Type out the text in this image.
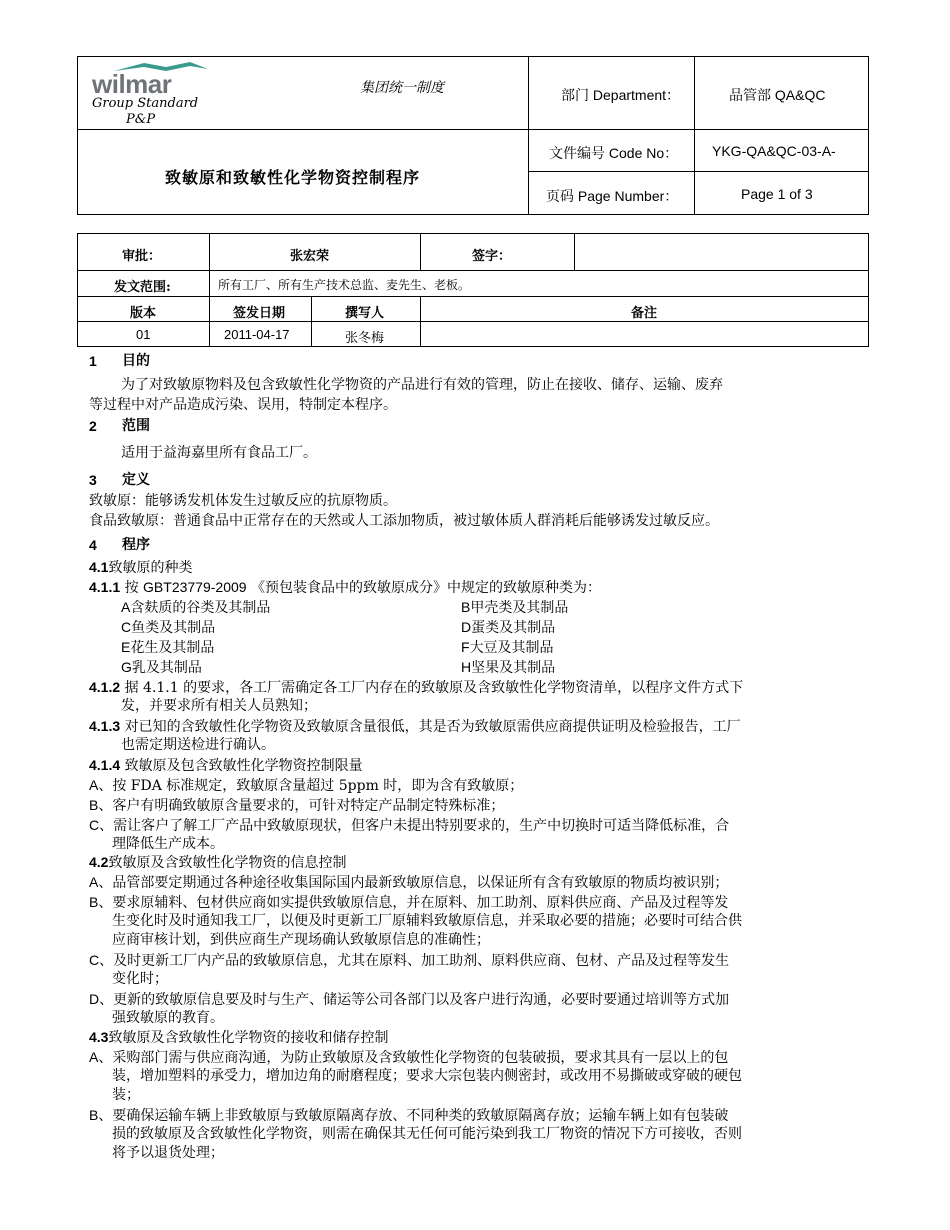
wilmar
Group Standard
P&P
集团统一制度	部门 Department：	品管部 QA&QC
致敏原和致敏性化学物资控制程序
文件编号 Code No： YKG-QA&QC-03-A-
页码 Page Number：	Page 1 of 3
审批：	张宏荣	签字：
发文范围:	所有工厂、所有生产技术总监、麦先生、老板。
版本	签发日期	撰写人	备注
01	2011-04-17	张冬梅
1 目的
为了对致敏原物料及包含致敏性化学物资的产品进行有效的管理，防止在接收、储存、运输、废弃
等过程中对产品造成污染、误用，特制定本程序。
2 范围
适用于益海嘉里所有食品工厂。
3 定义
致敏原：能够诱发机体发生过敏反应的抗原物质。
食品致敏原：普通食品中正常存在的天然或人工添加物质，被过敏体质人群消耗后能够诱发过敏反应。
4 程序
4.1致敏原的种类
4.1.1 按 GBT23779-2009 《预包装食品中的致敏原成分》中规定的致敏原种类为：
A含麸质的谷类及其制品	B甲壳类及其制品
C鱼类及其制品	D蛋类及其制品
E花生及其制品	F大豆及其制品
G乳及其制品	H坚果及其制品
4.1.2 据 4.1.1 的要求，各工厂需确定各工厂内存在的致敏原及含致敏性化学物资清单，以程序文件方式下
发，并要求所有相关人员熟知；
4.1.3 对已知的含致敏性化学物资及致敏原含量很低，其是否为致敏原需供应商提供证明及检验报告，工厂
也需定期送检进行确认。
4.1.4 致敏原及包含致敏性化学物资控制限量
A、按 FDA 标准规定，致敏原含量超过 5ppm 时，即为含有致敏原；
B、客户有明确致敏原含量要求的，可针对特定产品制定特殊标准；
C、需让客户了解工厂产品中致敏原现状，但客户未提出特别要求的，生产中切换时可适当降低标准，合
理降低生产成本。
4.2致敏原及含致敏性化学物资的信息控制
A、品管部要定期通过各种途径收集国际国内最新致敏原信息，以保证所有含有致敏原的物质均被识别；
B、要求原辅料、包材供应商如实提供致敏原信息，并在原料、加工助剂、原料供应商、产品及过程等发
生变化时及时通知我工厂，以便及时更新工厂原辅料致敏原信息，并采取必要的措施；必要时可结合供
应商审核计划，到供应商生产现场确认致敏原信息的准确性；
C、及时更新工厂内产品的致敏原信息，尤其在原料、加工助剂、原料供应商、包材、产品及过程等发生
变化时；
D、更新的致敏原信息要及时与生产、储运等公司各部门以及客户进行沟通，必要时要通过培训等方式加
强致敏原的教育。
4.3致敏原及含致敏性化学物资的接收和储存控制
A、采购部门需与供应商沟通，为防止致敏原及含致敏性化学物资的包装破损，要求其具有一层以上的包
装，增加塑料的承受力，增加边角的耐磨程度；要求大宗包装内侧密封，或改用不易撕破或穿破的硬包
装；
B、要确保运输车辆上非致敏原与致敏原隔离存放、不同种类的致敏原隔离存放；运输车辆上如有包装破
损的致敏原及含致敏性化学物资，则需在确保其无任何可能污染到我工厂物资的情况下方可接收，否则
将予以退货处理；
